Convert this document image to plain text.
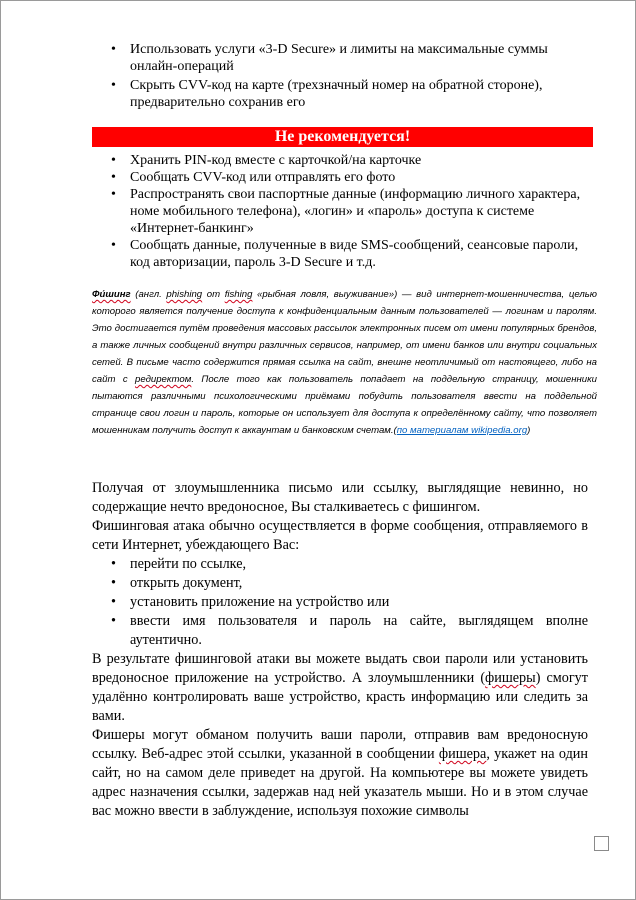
• Использовать услуги «3-D Secure» и лимиты на максимальные суммы онлайн-операций
• Скрыть CVV-код на карте (трехзначный номер на обратной стороне), предварительно сохранив его
Не рекомендуется!
• Хранить PIN-код вместе с карточкой/на карточке
• Сообщать CVV-код или отправлять его фото
• Распространять свои паспортные данные (информацию личного характера, номе мобильного телефона), «логин» и «пароль» доступа к системе «Интернет-банкинг»
• Сообщать данные, полученные в виде SMS-сообщений, сеансовые пароли, код авторизации, пароль 3-D Secure и т.д.
Фи́шинг (англ. phishing от fishing «рыбная ловля, выуживание») — вид интернет-мошенничества, целью которого является получение доступа к конфиденциальным данным пользователей — логинам и паролям. Это достигается путём проведения массовых рассылок электронных писем от имени популярных брендов, а также личных сообщений внутри различных сервисов, например, от имени банков или внутри социальных сетей. В письме часто содержится прямая ссылка на сайт, внешне неотличимый от настоящего, либо на сайт с редиректом. После того как пользователь попадает на поддельную страницу, мошенники пытаются различными психологическими приёмами побудить пользователя ввести на поддельной странице свои логин и пароль, которые он использует для доступа к определённому сайту, что позволяет мошенникам получить доступ к аккаунтам и банковским счетам.(по материалам wikipedia.org)

Получая от злоумышленника письмо или ссылку, выглядящие невинно, но содержащие нечто вредоносное, Вы сталкиваетесь с фишингом.

Фишинговая атака обычно осуществляется в форме сообщения, отправляемого в сети Интернет, убеждающего Вас:

• перейти по ссылке,
• открыть документ,
• установить приложение на устройство или
• ввести имя пользователя и пароль на сайте, выглядящем вполне аутентично.

В результате фишинговой атаки вы можете выдать свои пароли или установить вредоносное приложение на устройство. А злоумышленники (фишеры) смогут удалённо контролировать ваше устройство, красть информацию или следить за вами.

Фишеры могут обманом получить ваши пароли, отправив вам вредоносную ссылку. Веб-адрес этой ссылки, указанной в сообщении фишера, укажет на один сайт, но на самом деле приведет на другой. На компьютере вы можете увидеть адрес назначения ссылки, задержав над ней указатель мыши. Но и в этом случае вас можно ввести в заблуждение, используя похожие символы
